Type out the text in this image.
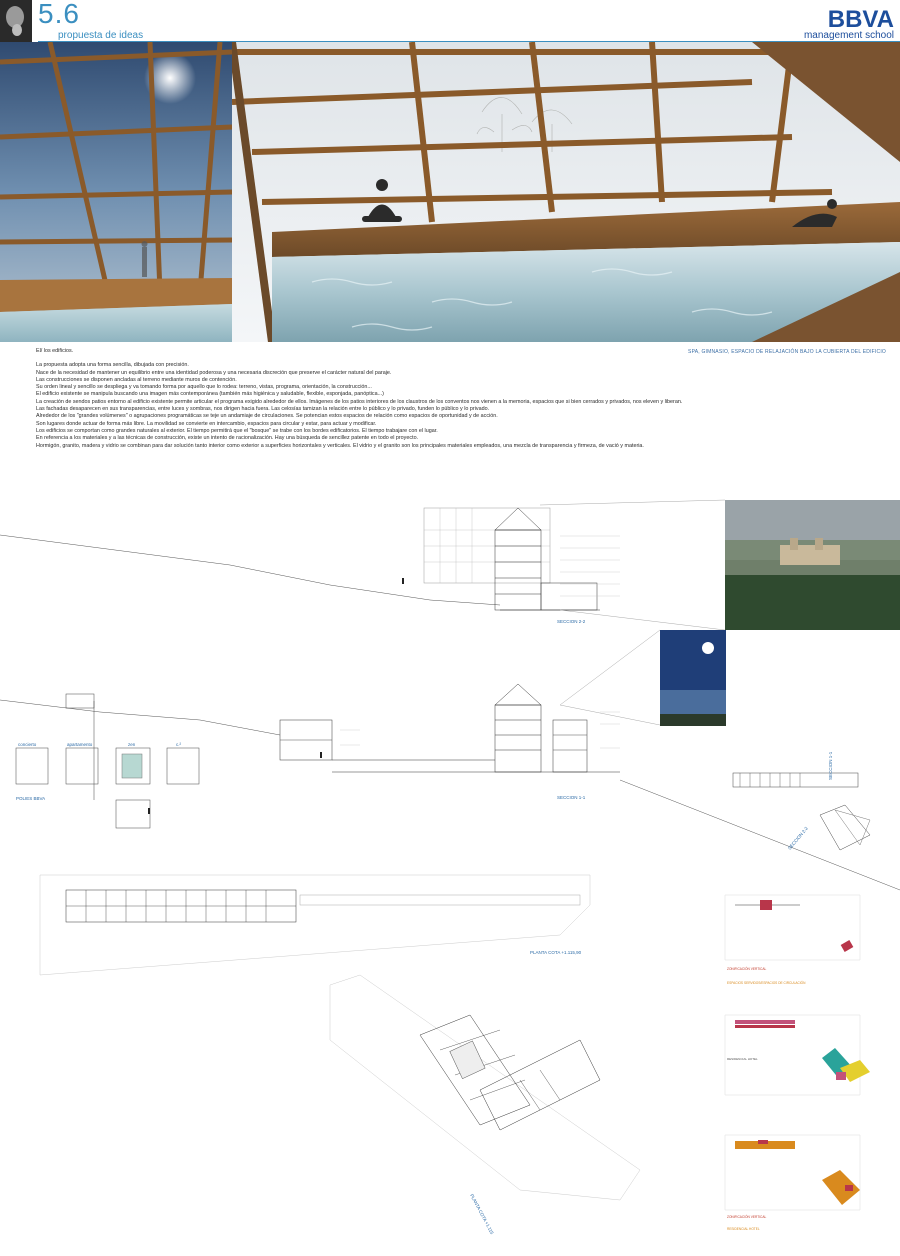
5.6
propuesta de ideas
BBVA
management school
SPA, GIMNASIO, ESPACIO DE RELAJACIÓN BAJO LA CUBIERTA DEL EDIFICIO

El/ los edificios.

La propuesta adopta una forma sencilla, dibujada con precisión.

Nace de la necesidad de mantener un equilibrio entre una identidad poderosa y una necesaria discreción que preserve el carácter natural del paraje.

Las construcciones se disponen ancladas al terreno mediante muros de contención.

Su orden lineal y sencillo se despliega y va tomando forma por aquello que lo rodea: terreno, vistas, programa, orientación, la construcción...

El edificio existente se manipula buscando una imagen más contemporánea (también más higiénica y saludable, flexible, esponjada, panóptica...)

La creación de sendos patios entorno al edificio existente permite articular el programa exigido alrededor de ellos. Imágenes de los patios interiores de los claustros de los conventos nos vienen a la memoria, espacios que si bien cerrados y privados, nos eleven y liberan.

Las fachadas desaparecen en sus transparencias, entre luces y sombras, nos dirigen hacia fuera. Las celosías tamizan la relación entre lo público y lo privado, funden lo público y lo privado.

Alrededor de los "grandes volúmenes" o agrupaciones programáticas se teje un andamiaje de circulaciones. Se potencian estos espacios de relación como espacios de oportunidad y de acción.

Son lugares donde actuar de forma más libre. La movilidad se convierte en intercambio, espacios para circular y estar, para actuar y modificar.

Los edificios se comportan como grandes naturales al exterior. El tiempo permitirá que el "bosque" se trabe con los bordes edificatorios. El tiempo trabajare con el lugar.

En referencia a los materiales y a las técnicas de construcción, existe un intento de racionalización. Hay una búsqueda de sencillez patente en todo el proyecto.

Hormigón, granito, madera y vidrio se combinan para dar solución tanto interior como exterior a superficies horizontales y verticales. El vidrio y el granito son los principales materiales empleados, una mezcla de transparencia y firmeza, de vació y materia.

SECCION 2-2
SECCION 1-1
SECCION 1-1
SECCION 2-2
concierto	apartamento	zen	c.²
POLIES BBVA
PLANTA COTA +1.115,90
PLANTA COTA +1.115
ZONIFICACIÓN VERTICAL
ESPACIOS SERVIDOS/ESPACIOS DE CIRCULACIÓN
RESIDENCIAL HOTEL
ZONIFICACIÓN VERTICAL
RESIDENCIAL HOTEL
